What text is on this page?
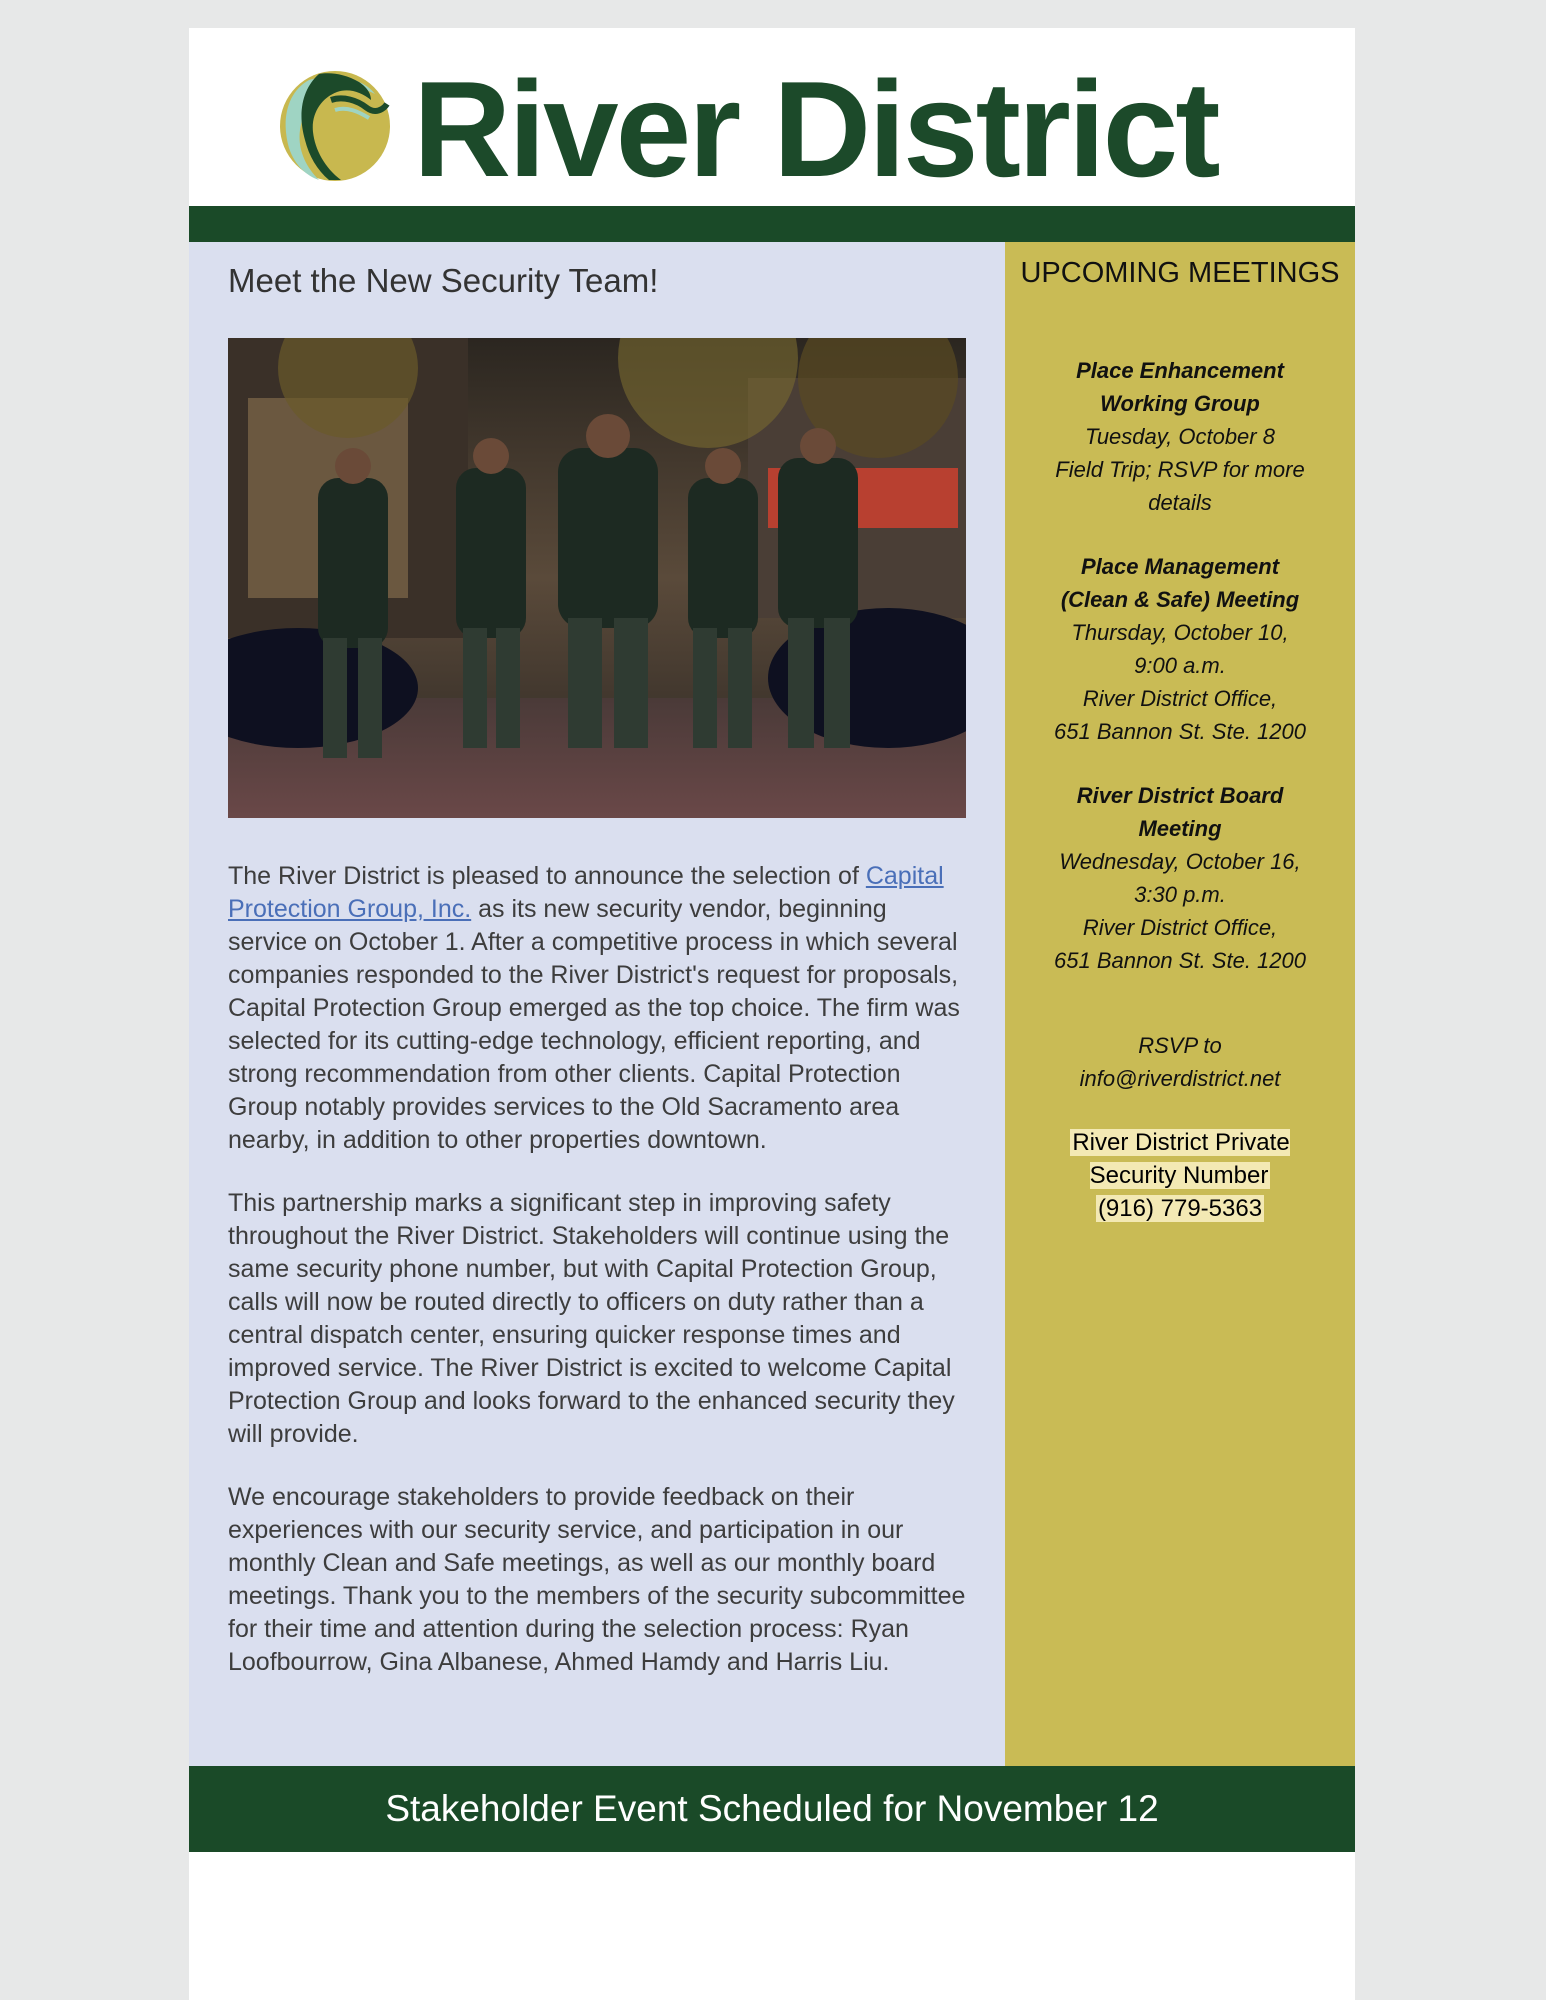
River District
Meet the New Security Team!

The River District is pleased to announce the selection of Capital Protection Group, Inc. as its new security vendor, beginning service on October 1. After a competitive process in which several companies responded to the River District's request for proposals, Capital Protection Group emerged as the top choice. The firm was selected for its cutting-edge technology, efficient reporting, and strong recommendation from other clients. Capital Protection Group notably provides services to the Old Sacramento area nearby, in addition to other properties downtown.

This partnership marks a significant step in improving safety throughout the River District. Stakeholders will continue using the same security phone number, but with Capital Protection Group, calls will now be routed directly to officers on duty rather than a central dispatch center, ensuring quicker response times and improved service. The River District is excited to welcome Capital Protection Group and looks forward to the enhanced security they will provide.

We encourage stakeholders to provide feedback on their experiences with our security service, and participation in our monthly Clean and Safe meetings, as well as our monthly board meetings. Thank you to the members of the security subcommittee for their time and attention during the selection process: Ryan Loofbourrow, Gina Albanese, Ahmed Hamdy and Harris Liu.

UPCOMING MEETINGS
Place Enhancement Working Group
Tuesday, October 8
Field Trip; RSVP for more details
Place Management (Clean & Safe) Meeting
Thursday, October 10,
9:00 a.m.
River District Office,
651 Bannon St. Ste. 1200
River District Board Meeting
Wednesday, October 16,
3:30 p.m.
River District Office,
651 Bannon St. Ste. 1200
RSVP to
info@riverdistrict.net
River District Private Security Number
(916) 779-5363
Stakeholder Event Scheduled for November 12
